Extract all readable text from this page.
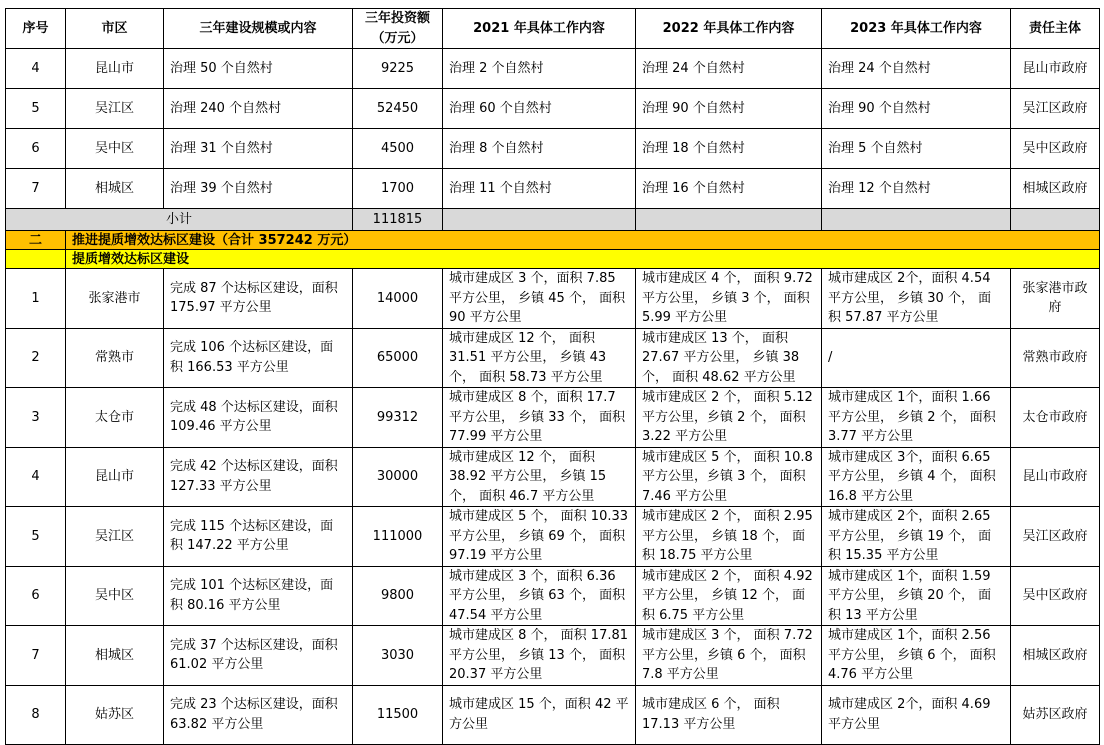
序号	市区	三年建设规模或内容	三年投资额（万元）	2021 年具体工作内容	2022 年具体工作内容	2023 年具体工作内容	责任主体
4	昆山市	治理 50 个自然村	9225	治理 2 个自然村	治理 24 个自然村	治理 24 个自然村	昆山市政府
5	吴江区	治理 240 个自然村	52450	治理 60 个自然村	治理 90 个自然村	治理 90 个自然村	吴江区政府
6	吴中区	治理 31 个自然村	4500	治理 8 个自然村	治理 18 个自然村	治理 5 个自然村	吴中区政府
7	相城区	治理 39 个自然村	1700	治理 11 个自然村	治理 16 个自然村	治理 12 个自然村	相城区政府
小计			111815				
二	推进提质增效达标区建设（合计 357242 万元）						
	提质增效达标区建设						
1	张家港市	完成 87 个达标区建设，面积 175.97 平方公里	14000	城市建成区 3 个，面积 7.85 平方公里， 乡镇 45 个， 面积 90 平方公里	城市建成区 4 个， 面积 9.72 平方公里， 乡镇 3 个， 面积 5.99 平方公里	城市建成区 2个，面积 4.54 平方公里， 乡镇 30 个， 面积 57.87 平方公里	张家港市政府
2	常熟市	完成 106 个达标区建设，面积 166.53 平方公里	65000	城市建成区 12 个， 面积 31.51 平方公里， 乡镇 43 个， 面积 58.73 平方公里	城市建成区 13 个， 面积 27.67 平方公里， 乡镇 38 个， 面积 48.62 平方公里	/	常熟市政府
3	太仓市	完成 48 个达标区建设，面积 109.46 平方公里	99312	城市建成区 8 个，面积 17.7 平方公里， 乡镇 33 个， 面积 77.99 平方公里	城市建成区 2 个， 面积 5.12 平方公里，乡镇 2 个， 面积 3.22 平方公里	城市建成区 1个，面积 1.66 平方公里， 乡镇 2 个， 面积 3.77 平方公里	太仓市政府
4	昆山市	完成 42 个达标区建设，面积 127.33 平方公里	30000	城市建成区 12 个， 面积 38.92 平方公里， 乡镇 15 个， 面积 46.7 平方公里	城市建成区 5 个， 面积 10.8 平方公里，乡镇 3 个， 面积 7.46 平方公里	城市建成区 3个，面积 6.65 平方公里， 乡镇 4 个， 面积 16.8 平方公里	昆山市政府
5	吴江区	完成 115 个达标区建设，面积 147.22 平方公里	111000	城市建成区 5 个， 面积 10.33 平方公里， 乡镇 69 个， 面积 97.19 平方公里	城市建成区 2 个， 面积 2.95 平方公里， 乡镇 18 个， 面积 18.75 平方公里	城市建成区 2个，面积 2.65 平方公里， 乡镇 19 个， 面积 15.35 平方公里	吴江区政府
6	吴中区	完成 101 个达标区建设，面积 80.16 平方公里	9800	城市建成区 3 个，面积 6.36 平方公里， 乡镇 63 个， 面积 47.54 平方公里	城市建成区 2 个， 面积 4.92 平方公里， 乡镇 12 个， 面积 6.75 平方公里	城市建成区 1个，面积 1.59 平方公里， 乡镇 20 个， 面积 13 平方公里	吴中区政府
7	相城区	完成 37 个达标区建设，面积 61.02 平方公里	3030	城市建成区 8 个， 面积 17.81 平方公里， 乡镇 13 个， 面积 20.37 平方公里	城市建成区 3 个， 面积 7.72 平方公里，乡镇 6 个， 面积 7.8 平方公里	城市建成区 1个，面积 2.56 平方公里， 乡镇 6 个， 面积 4.76 平方公里	相城区政府
8	姑苏区	完成 23 个达标区建设，面积 63.82 平方公里	11500	城市建成区 15 个，面积 42 平方公里	城市建成区 6 个， 面积 17.13 平方公里	城市建成区 2个，面积 4.69 平方公里	姑苏区政府
